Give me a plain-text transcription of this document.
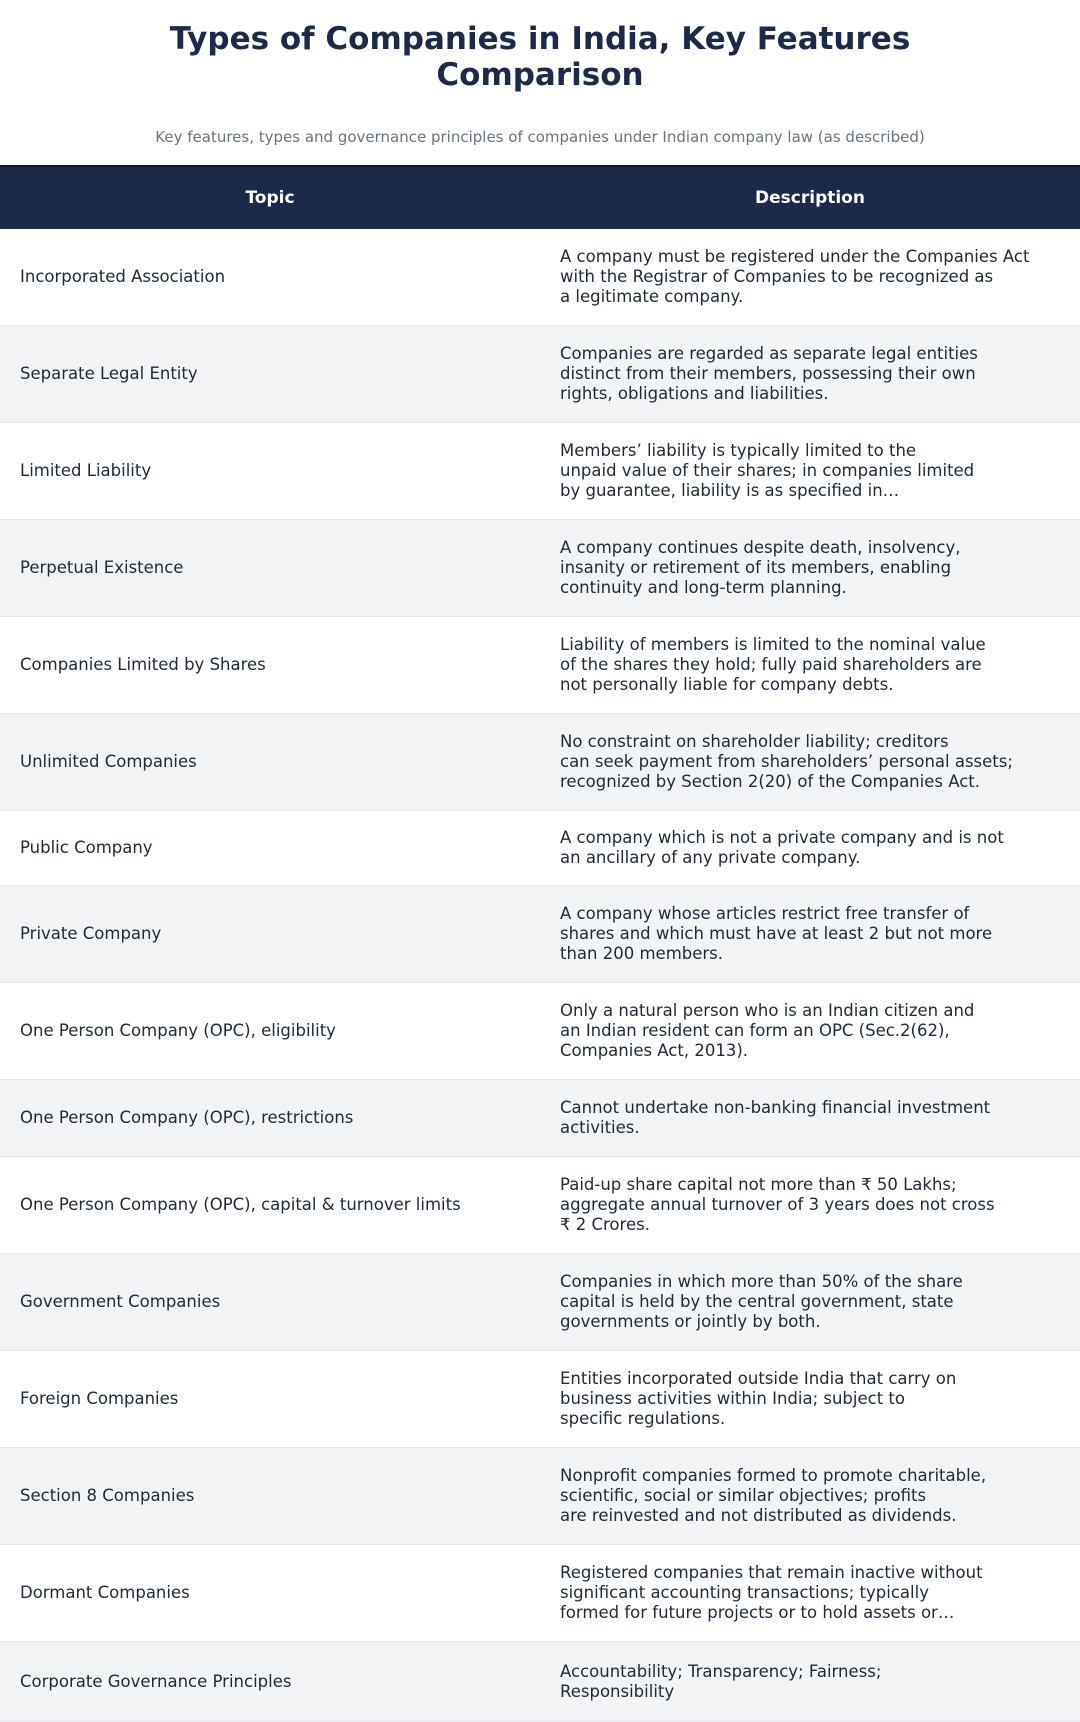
Types of Companies in India, Key Features Comparison

Key features, types and governance principles of companies under Indian company law (as described)

Topic	Description
Incorporated Association
A company must be registered under the Companies Act
with the Registrar of Companies to be recognized as
a legitimate company.
Separate Legal Entity
Companies are regarded as separate legal entities
distinct from their members, possessing their own
rights, obligations and liabilities.
Limited Liability
Members’ liability is typically limited to the
unpaid value of their shares; in companies limited
by guarantee, liability is as specified in…
Perpetual Existence
A company continues despite death, insolvency,
insanity or retirement of its members, enabling
continuity and long-term planning.
Companies Limited by Shares
Liability of members is limited to the nominal value
of the shares they hold; fully paid shareholders are
not personally liable for company debts.
Unlimited Companies
No constraint on shareholder liability; creditors
can seek payment from shareholders’ personal assets;
recognized by Section 2(20) of the Companies Act.
Public Company
A company which is not a private company and is not
an ancillary of any private company.
Private Company
A company whose articles restrict free transfer of
shares and which must have at least 2 but not more
than 200 members.
One Person Company (OPC), eligibility
Only a natural person who is an Indian citizen and
an Indian resident can form an OPC (Sec.2(62),
Companies Act, 2013).
One Person Company (OPC), restrictions
Cannot undertake non-banking financial investment
activities.
One Person Company (OPC), capital & turnover limits
Paid-up share capital not more than ₹ 50 Lakhs;
aggregate annual turnover of 3 years does not cross
₹ 2 Crores.
Government Companies
Companies in which more than 50% of the share
capital is held by the central government, state
governments or jointly by both.
Foreign Companies
Entities incorporated outside India that carry on
business activities within India; subject to
specific regulations.
Section 8 Companies
Nonprofit companies formed to promote charitable,
scientific, social or similar objectives; profits
are reinvested and not distributed as dividends.
Dormant Companies
Registered companies that remain inactive without
significant accounting transactions; typically
formed for future projects or to hold assets or…
Corporate Governance Principles
Accountability; Transparency; Fairness;
Responsibility
